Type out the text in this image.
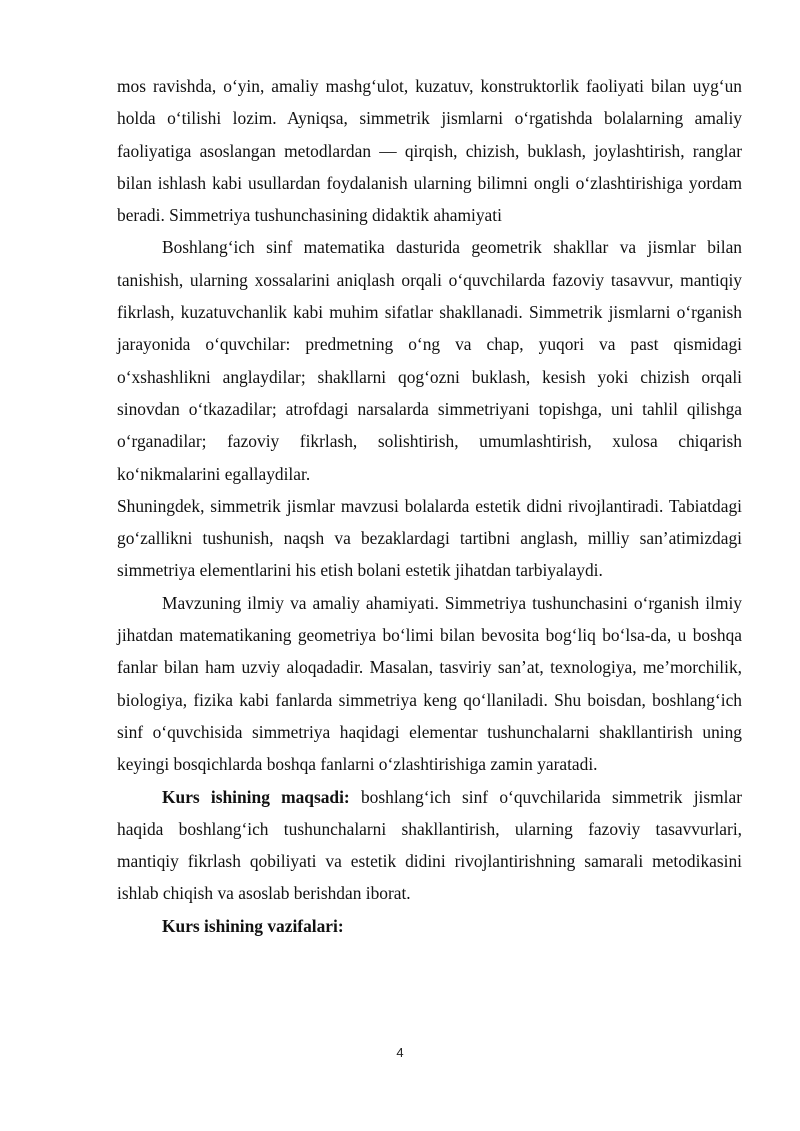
mos ravishda, o‘yin, amaliy mashg‘ulot, kuzatuv, konstruktorlik faoliyati bilan uyg‘un holda o‘tilishi lozim. Ayniqsa, simmetrik jismlarni o‘rgatishda bolalarning amaliy faoliyatiga asoslangan metodlardan — qirqish, chizish, buklash, joylashtirish, ranglar bilan ishlash kabi usullardan foydalanish ularning bilimni ongli o‘zlashtirishiga yordam beradi. Simmetriya tushunchasining didaktik ahamiyati

Boshlang‘ich sinf matematika dasturida geometrik shakllar va jismlar bilan tanishish, ularning xossalarini aniqlash orqali o‘quvchilarda fazoviy tasavvur, mantiqiy fikrlash, kuzatuvchanlik kabi muhim sifatlar shakllanadi. Simmetrik jismlarni o‘rganish jarayonida o‘quvchilar: predmetning o‘ng va chap, yuqori va past qismidagi o‘xshashlikni anglaydilar; shakllarni qog‘ozni buklash, kesish yoki chizish orqali sinovdan o‘tkazadilar; atrofdagi narsalarda simmetriyani topishga, uni tahlil qilishga o‘rganadilar; fazoviy fikrlash, solishtirish, umumlashtirish, xulosa chiqarish ko‘nikmalarini egallaydilar.

Shuningdek, simmetrik jismlar mavzusi bolalarda estetik didni rivojlantiradi. Tabiatdagi go‘zallikni tushunish, naqsh va bezaklardagi tartibni anglash, milliy san’atimizdagi simmetriya elementlarini his etish bolani estetik jihatdan tarbiyalaydi.

Mavzuning ilmiy va amaliy ahamiyati. Simmetriya tushunchasini o‘rganish ilmiy jihatdan matematikaning geometriya bo‘limi bilan bevosita bog‘liq bo‘lsa-da, u boshqa fanlar bilan ham uzviy aloqadadir. Masalan, tasviriy san’at, texnologiya, me’morchilik, biologiya, fizika kabi fanlarda simmetriya keng qo‘llaniladi. Shu boisdan, boshlang‘ich sinf o‘quvchisida simmetriya haqidagi elementar tushunchalarni shakllantirish uning keyingi bosqichlarda boshqa fanlarni o‘zlashtirishiga zamin yaratadi.

Kurs ishining maqsadi: boshlang‘ich sinf o‘quvchilarida simmetrik jismlar haqida boshlang‘ich tushunchalarni shakllantirish, ularning fazoviy tasavvurlari, mantiqiy fikrlash qobiliyati va estetik didini rivojlantirishning samarali metodikasini ishlab chiqish va asoslab berishdan iborat.

Kurs ishining vazifalari:

4
